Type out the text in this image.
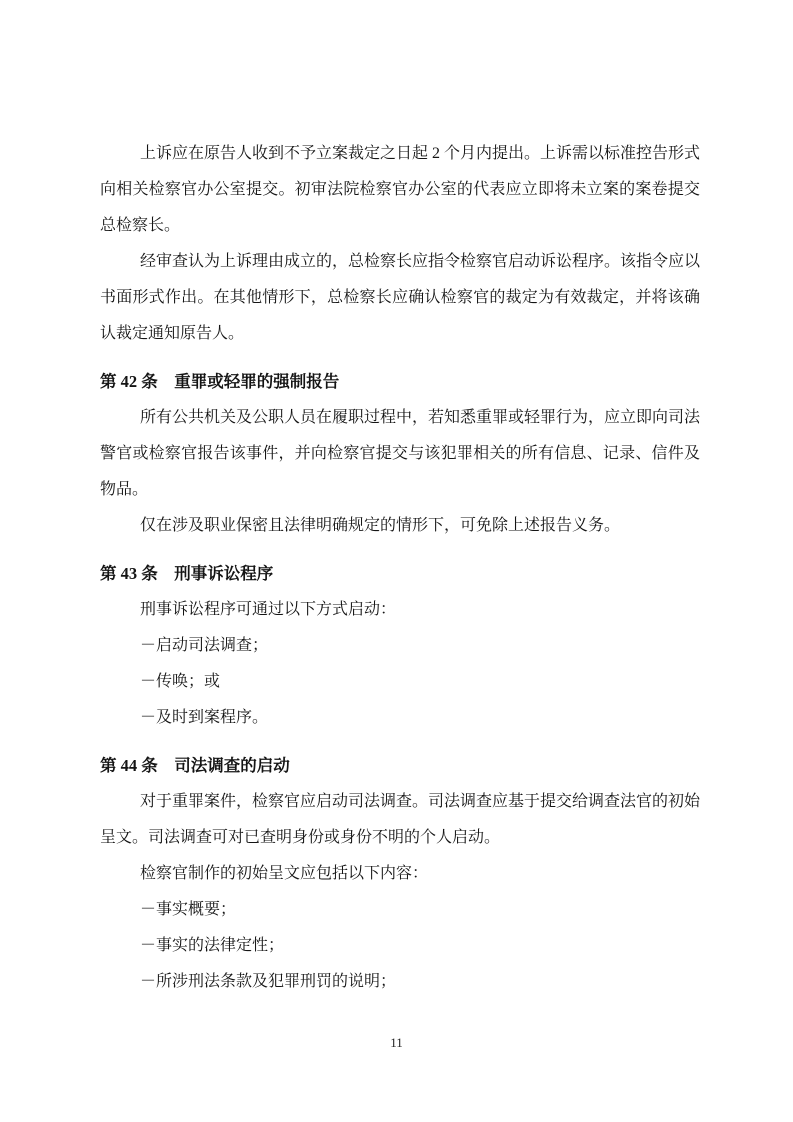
上诉应在原告人收到不予立案裁定之日起 2 个月内提出。上诉需以标准控告形式向相关检察官办公室提交。初审法院检察官办公室的代表应立即将未立案的案卷提交总检察长。

经审查认为上诉理由成立的，总检察长应指令检察官启动诉讼程序。该指令应以书面形式作出。在其他情形下，总检察长应确认检察官的裁定为有效裁定，并将该确认裁定通知原告人。

第 42 条　重罪或轻罪的强制报告

所有公共机关及公职人员在履职过程中，若知悉重罪或轻罪行为，应立即向司法警官或检察官报告该事件，并向检察官提交与该犯罪相关的所有信息、记录、信件及物品。

仅在涉及职业保密且法律明确规定的情形下，可免除上述报告义务。

第 43 条　刑事诉讼程序

刑事诉讼程序可通过以下方式启动：

－启动司法调查；

－传唤；或

－及时到案程序。

第 44 条　司法调查的启动

对于重罪案件，检察官应启动司法调查。司法调查应基于提交给调查法官的初始呈文。司法调查可对已查明身份或身份不明的个人启动。

检察官制作的初始呈文应包括以下内容：

－事实概要；

－事实的法律定性；

－所涉刑法条款及犯罪刑罚的说明；

11
